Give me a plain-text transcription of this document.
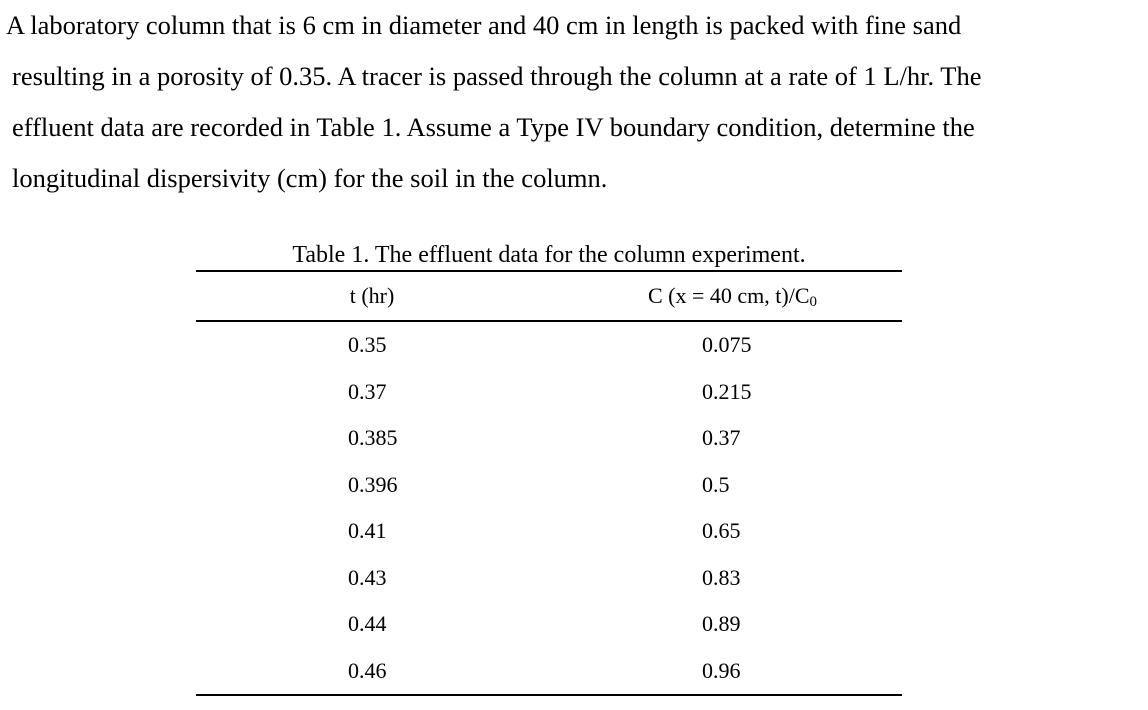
A laboratory column that is 6 cm in diameter and 40 cm in length is packed with fine sand
resulting in a porosity of 0.35. A tracer is passed through the column at a rate of 1 L/hr. The
effluent data are recorded in Table 1. Assume a Type IV boundary condition, determine the
longitudinal dispersivity (cm) for the soil in the column.
Table 1. The effluent data for the column experiment.
t (hr)	C (x = 40 cm, $t)/C_0$
0.35	0.075
0.37	0.215
0.385	0.37
0.396	0.5
0.41	0.65
0.43	0.83
0.44	0.89
0.46	0.96
